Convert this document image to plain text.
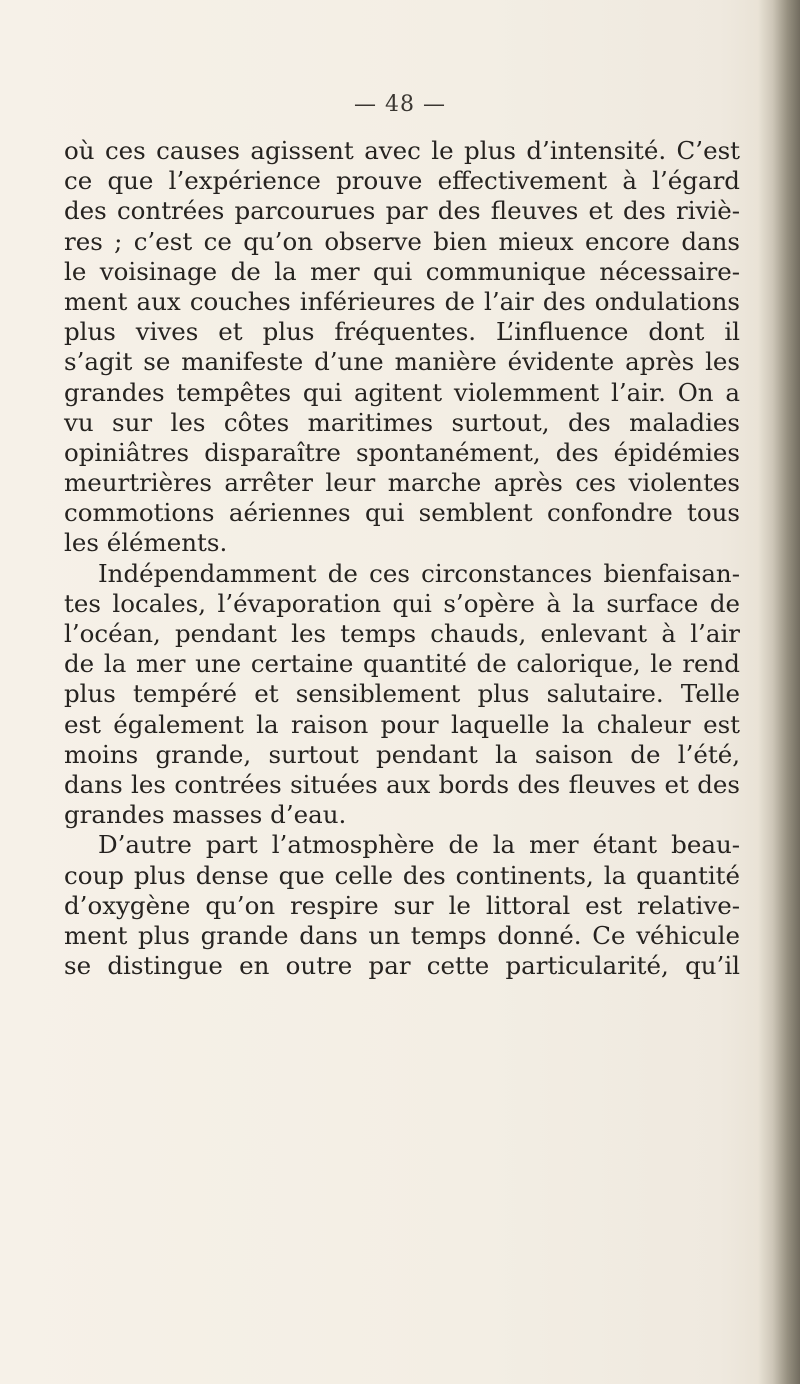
— 48 —
où ces causes agissent avec le plus d’intensité. C’est
ce que l’expérience prouve effectivement à l’égard
des contrées parcourues par des fleuves et des riviè-
res ; c’est ce qu’on observe bien mieux encore dans
le voisinage de la mer qui communique nécessaire-
ment aux couches inférieures de l’air des ondulations
plus vives et plus fréquentes. L’influence dont il
s’agit se manifeste d’une manière évidente après les
grandes tempêtes qui agitent violemment l’air. On a
vu sur les côtes maritimes surtout, des maladies
opiniâtres disparaître spontanément, des épidémies
meurtrières arrêter leur marche après ces violentes
commotions aériennes qui semblent confondre tous
les éléments.
Indépendamment de ces circonstances bienfaisan-
tes locales, l’évaporation qui s’opère à la surface de
l’océan, pendant les temps chauds, enlevant à l’air
de la mer une certaine quantité de calorique, le rend
plus tempéré et sensiblement plus salutaire. Telle
est également la raison pour laquelle la chaleur est
moins grande, surtout pendant la saison de l’été,
dans les contrées situées aux bords des fleuves et des
grandes masses d’eau.
D’autre part l’atmosphère de la mer étant beau-
coup plus dense que celle des continents, la quantité
d’oxygène qu’on respire sur le littoral est relative-
ment plus grande dans un temps donné. Ce véhicule
se distingue en outre par cette particularité, qu’il
